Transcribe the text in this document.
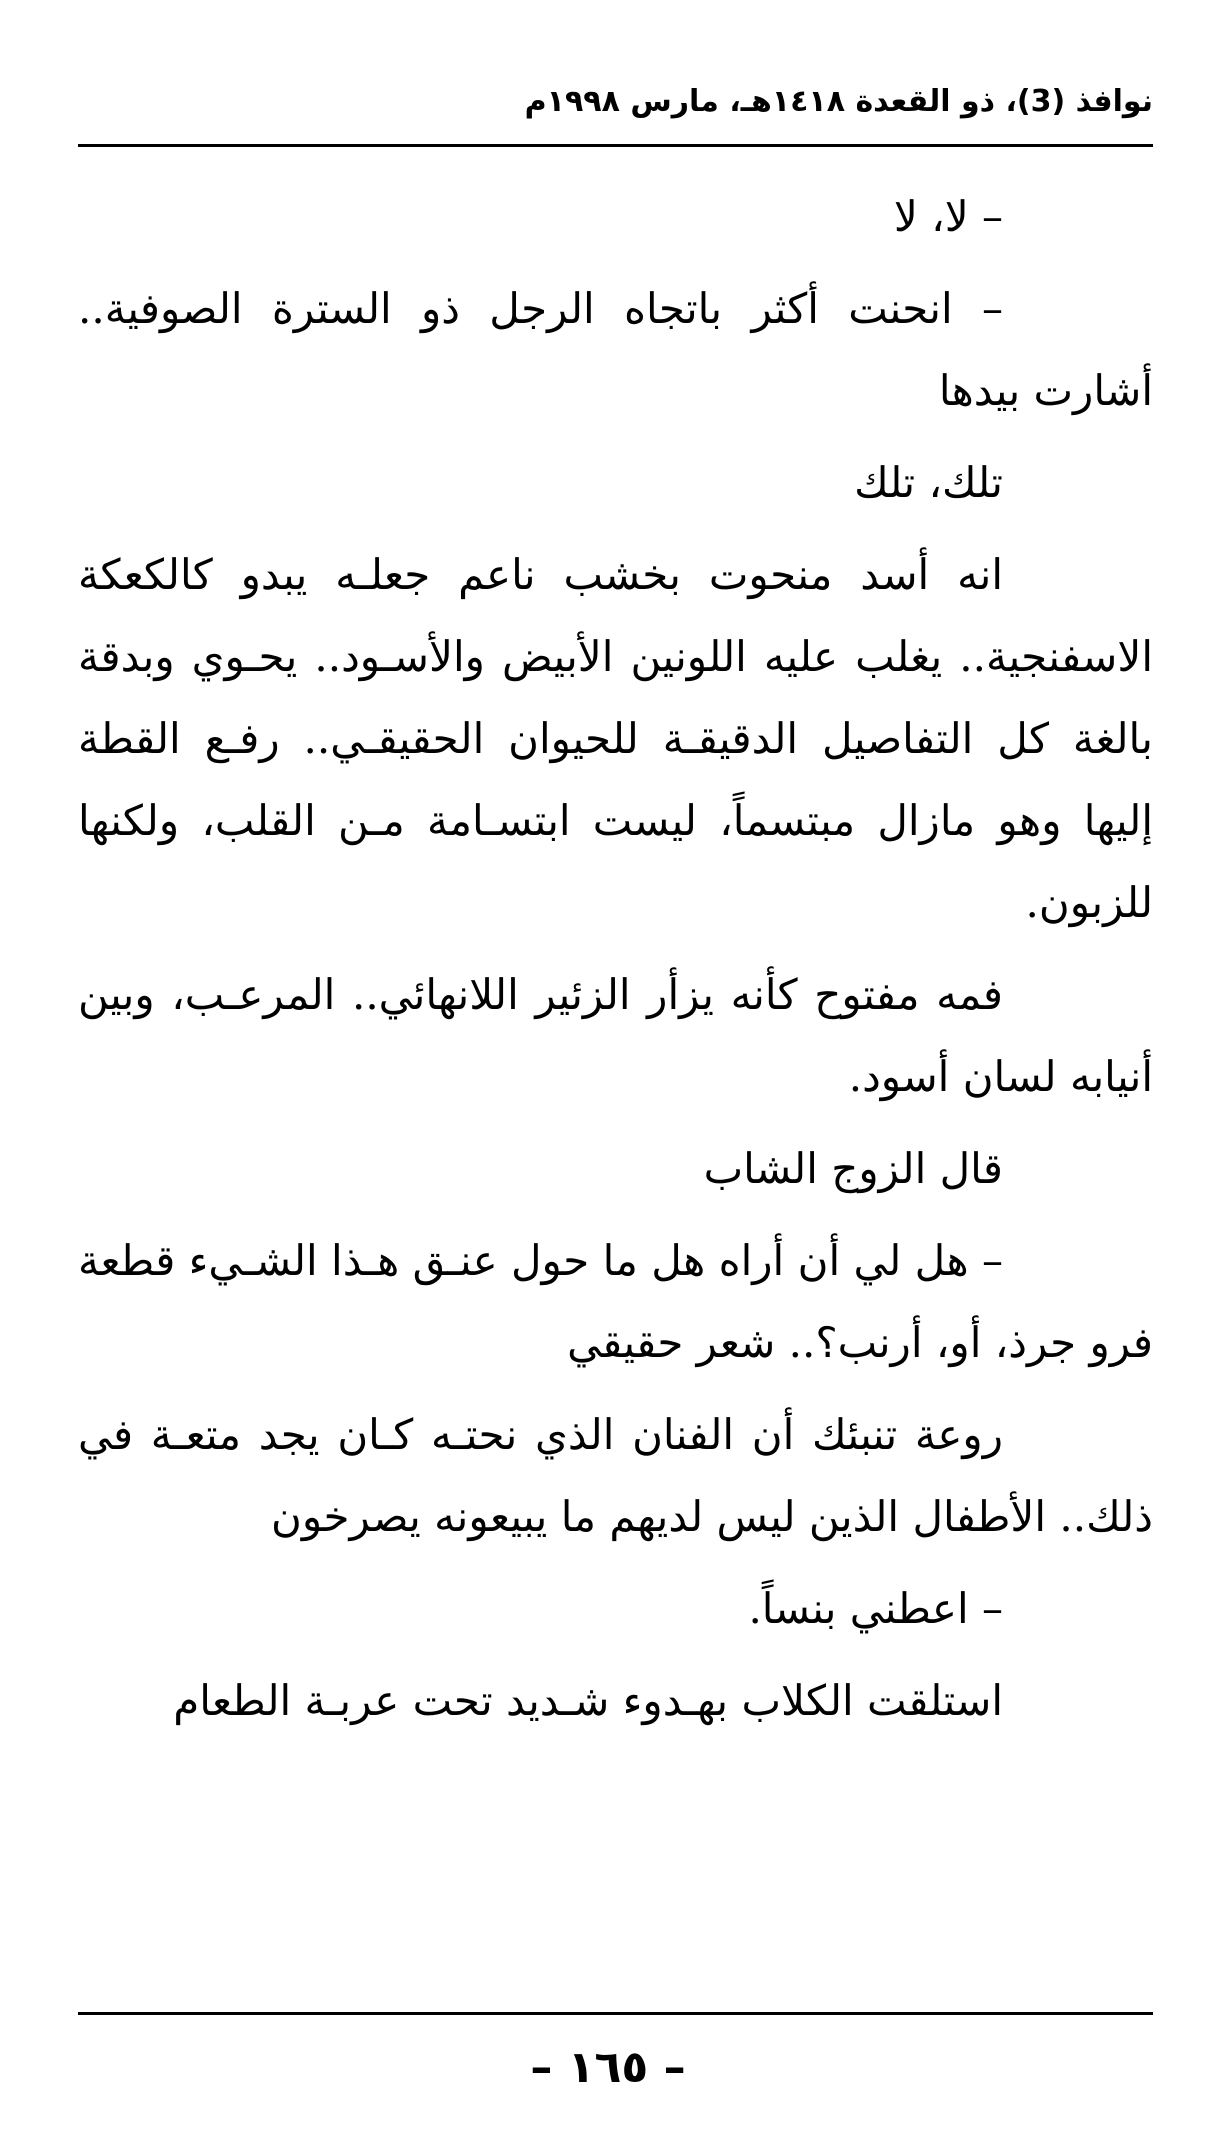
نوافذ (3)، ذو القعدة ١٤١٨هـ، مارس ١٩٩٨م

– لا، لا

– انحنت أكثر باتجاه الرجل ذو السترة الصوفية.. أشارت بيدها

تلك، تلك

انه أسد منحوت بخشب ناعم جعلـه يبدو كالكعكة الاسفنجية.. يغلب عليه اللونين الأبيض والأسـود.. يحـوي وبدقة بالغة كل التفاصيل الدقيقـة للحيوان الحقيقـي.. رفـع القطة إليها وهو مازال مبتسماً، ليست ابتسـامة مـن القلب، ولكنها للزبون.

فمه مفتوح كأنه يزأر الزئير اللانهائي.. المرعـب، وبين أنيابه لسان أسود.

قال الزوج الشاب

– هل لي أن أراه هل ما حول عنـق هـذا الشـيء قطعة فرو جرذ، أو، أرنب؟.. شعر حقيقي

روعة تنبئك أن الفنان الذي نحتـه كـان يجد متعـة في ذلك.. الأطفال الذين ليس لديهم ما يبيعونه يصرخون

– اعطني بنساً.

استلقت الكلاب بهـدوء شـديد تحت عربـة الطعام

– ١٦٥ –
